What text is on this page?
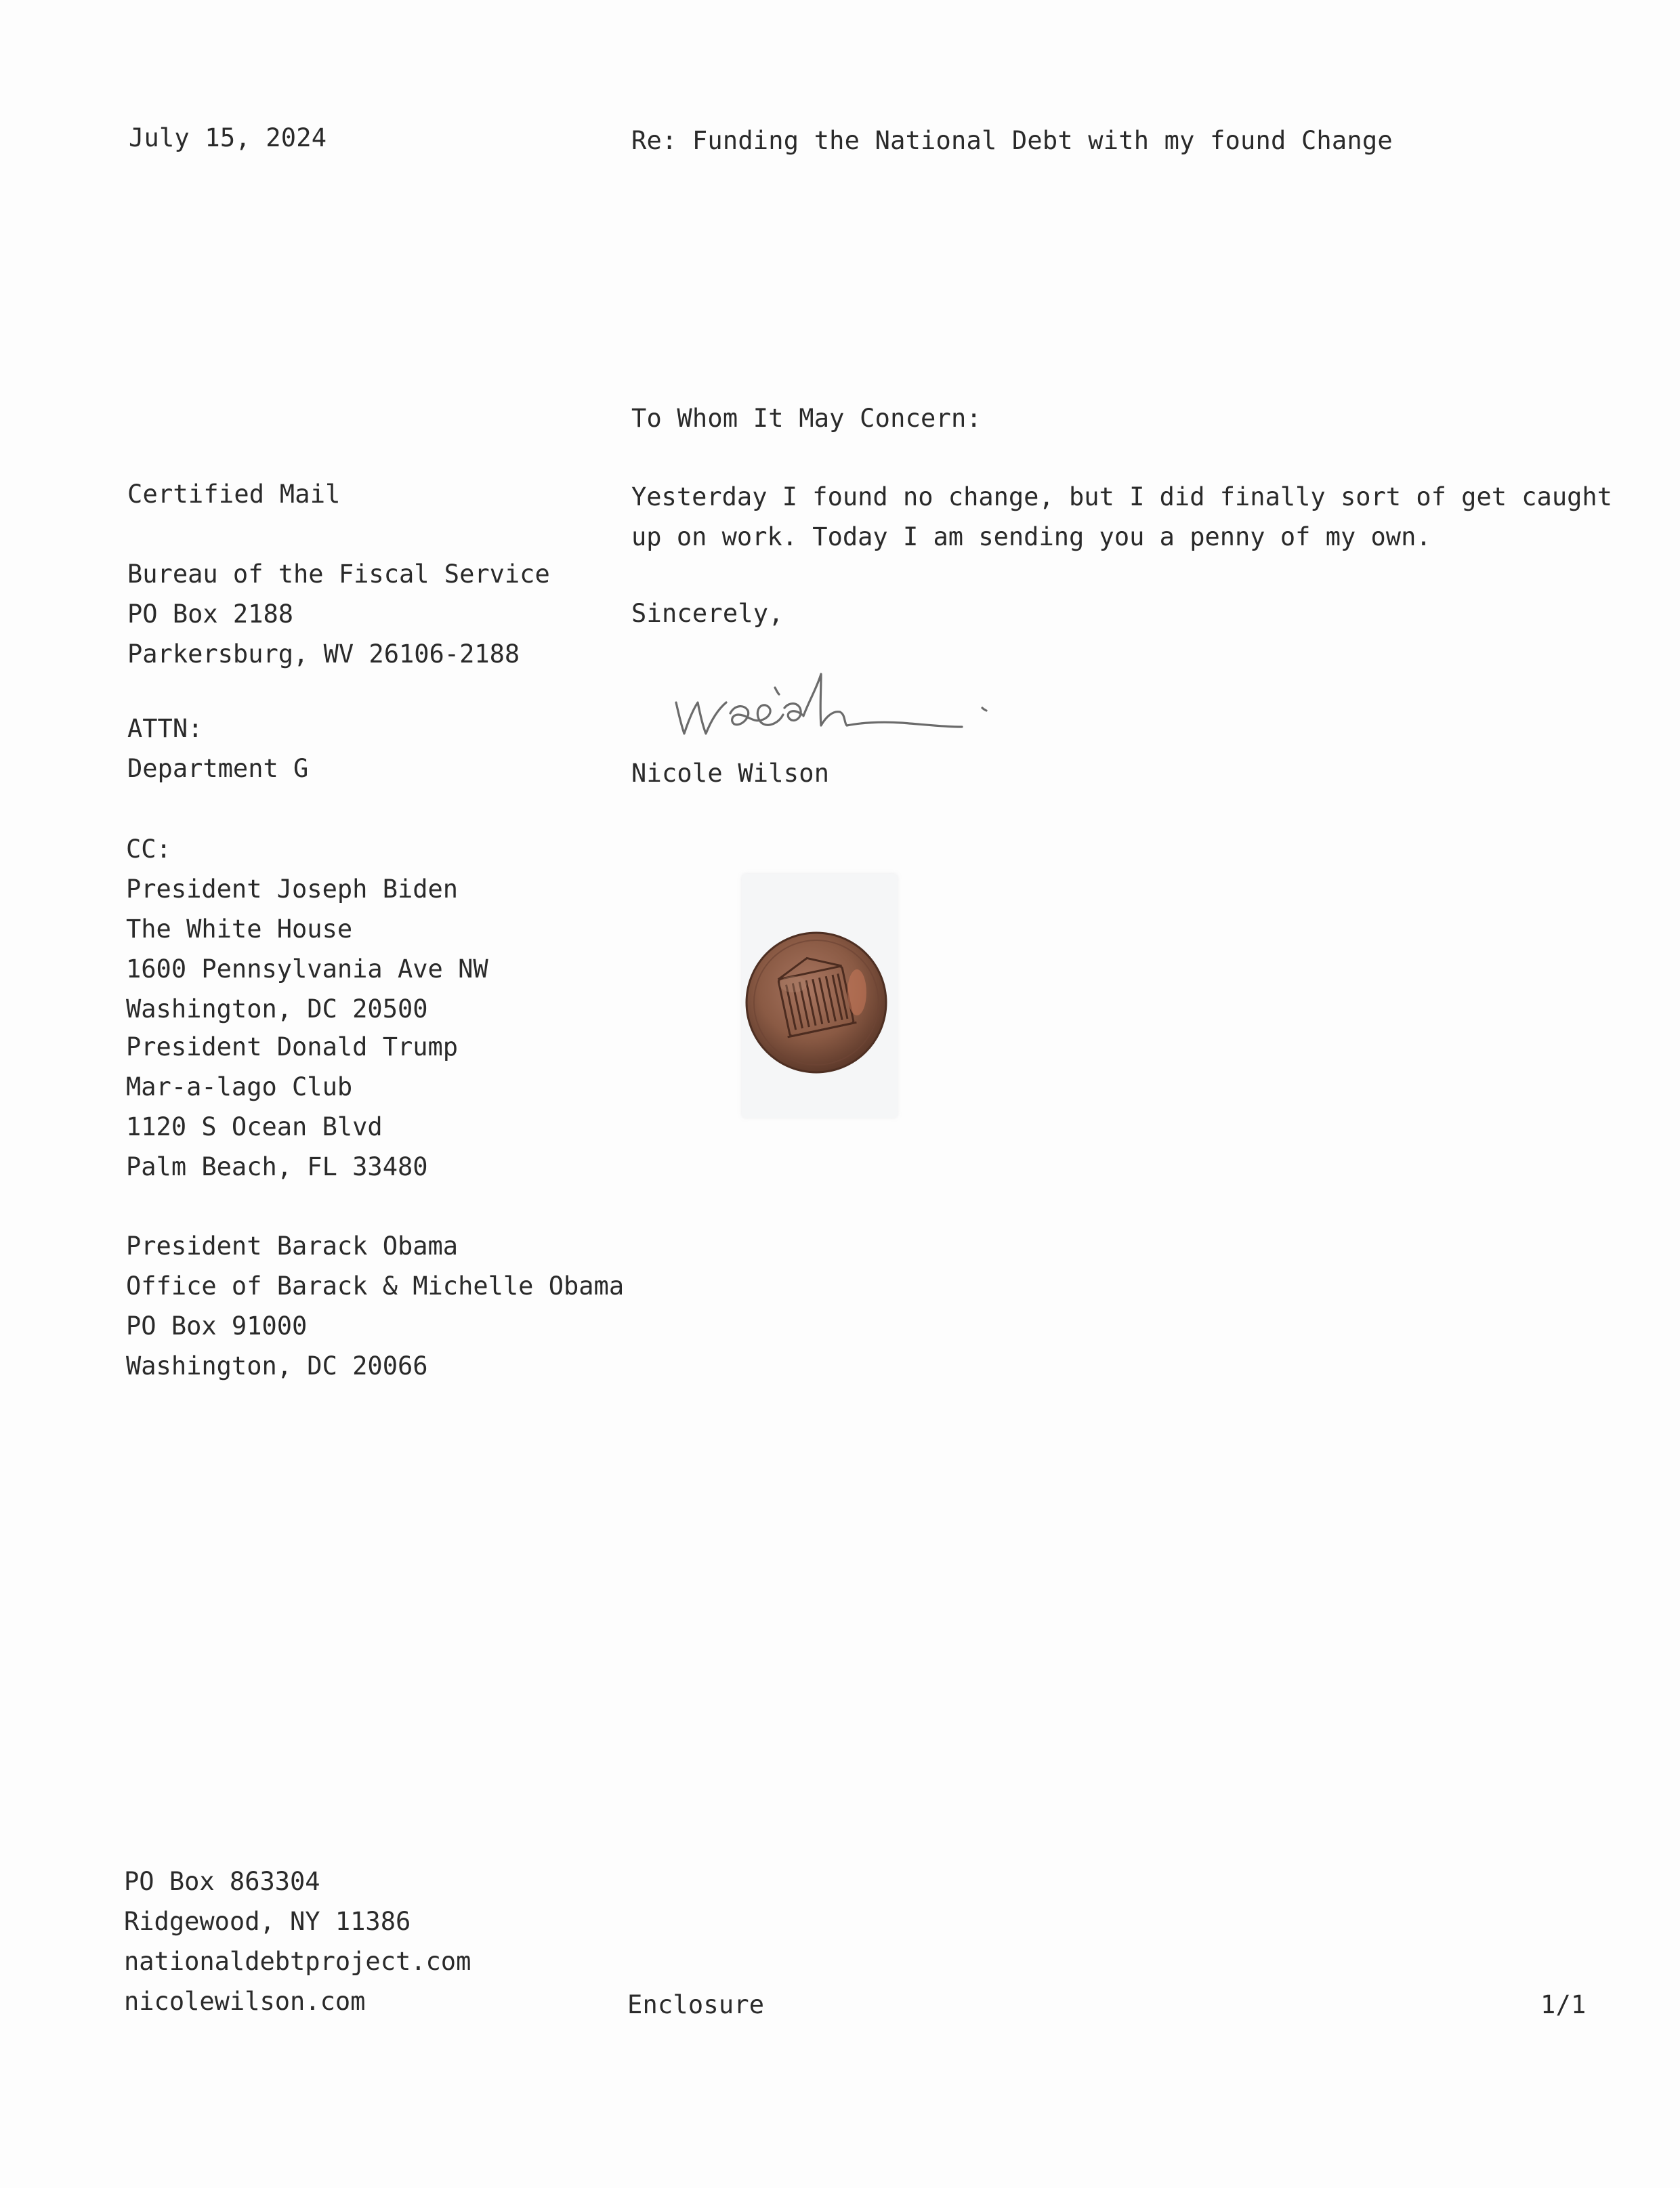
July 15, 2024	Re: Funding the National Debt with my found Change

To Whom It May Concern:

Certified Mail	Yesterday I found no change, but I did finally sort of get caught
up on work. Today I am sending you a penny of my own.
Bureau of the Fiscal Service
PO Box 2188
Parkersburg, WV 26106-2188

Sincerely,

ATTN:
Department G	Nicole Wilson

CC:
President Joseph Biden
The White House
1600 Pennsylvania Ave NW
Washington, DC 20500
President Donald Trump
Mar-a-lago Club
1120 S Ocean Blvd
Palm Beach, FL 33480
President Barack Obama
Office of Barack & Michelle Obama
PO Box 91000
Washington, DC 20066
PO Box 863304
Ridgewood, NY 11386
nationaldebtproject.com
nicolewilson.com	Enclosure	1/1
